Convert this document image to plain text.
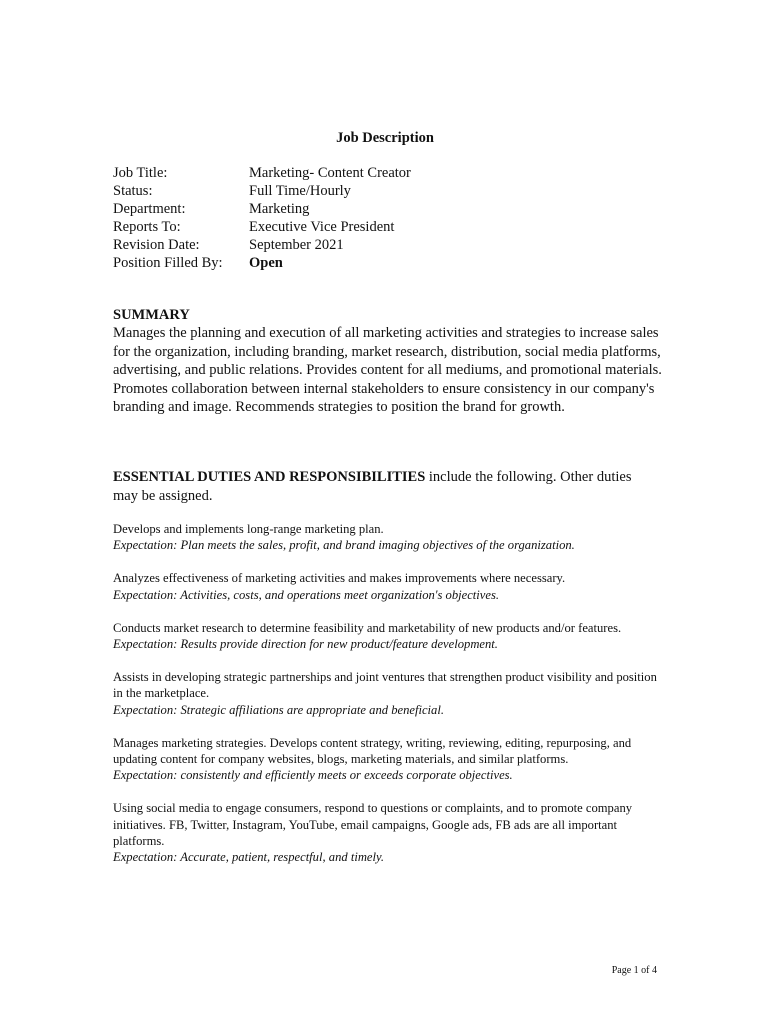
Job Description
Job Title:	Marketing- Content Creator
Status:	Full Time/Hourly
Department:	Marketing
Reports To:	Executive Vice President
Revision Date:	September 2021
Position Filled By:	Open
SUMMARY

Manages the planning and execution of all marketing activities and strategies to increase sales for the organization, including branding, market research, distribution, social media platforms, advertising, and public relations. Provides content for all mediums, and promotional materials. Promotes collaboration between internal stakeholders to ensure consistency in our company's branding and image. Recommends strategies to position the brand for growth.

ESSENTIAL DUTIES AND RESPONSIBILITIES include the following. Other duties may be assigned.
Develops and implements long-range marketing plan.
Expectation: Plan meets the sales, profit, and brand imaging objectives of the organization.
Analyzes effectiveness of marketing activities and makes improvements where necessary.
Expectation: Activities, costs, and operations meet organization's objectives.
Conducts market research to determine feasibility and marketability of new products and/or features.
Expectation: Results provide direction for new product/feature development.
Assists in developing strategic partnerships and joint ventures that strengthen product visibility and position in the marketplace.
Expectation: Strategic affiliations are appropriate and beneficial.
Manages marketing strategies. Develops content strategy, writing, reviewing, editing, repurposing, and updating content for company websites, blogs, marketing materials, and similar platforms.
Expectation: consistently and efficiently meets or exceeds corporate objectives.
Using social media to engage consumers, respond to questions or complaints, and to promote company initiatives. FB, Twitter, Instagram, YouTube, email campaigns, Google ads, FB ads are all important platforms.
Expectation: Accurate, patient, respectful, and timely.
Page 1 of 4
